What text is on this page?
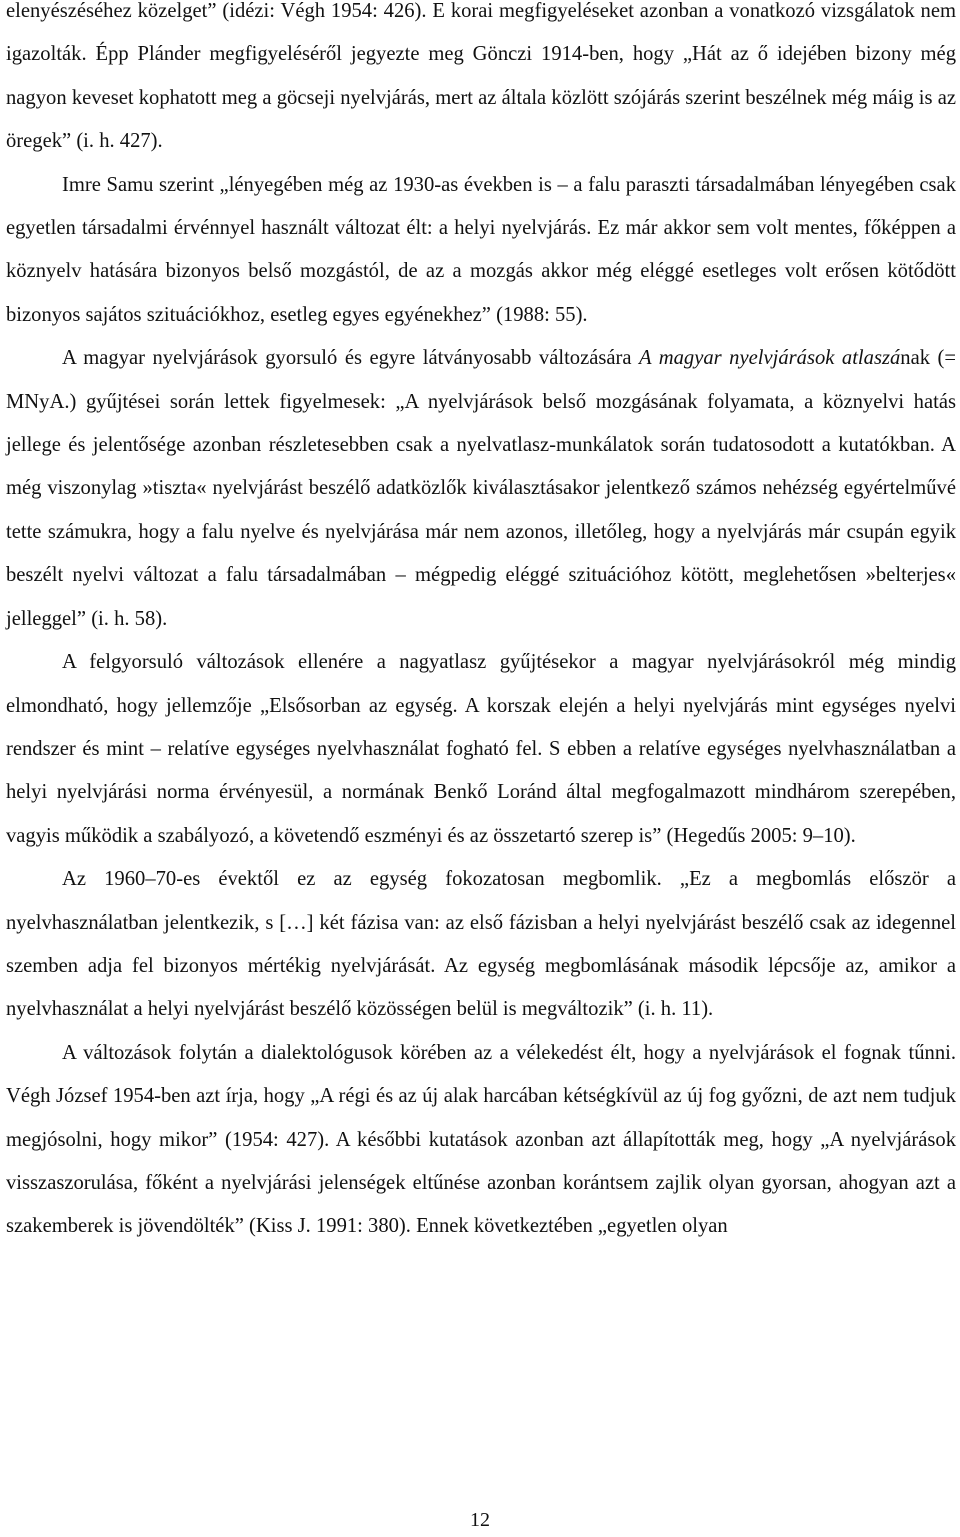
elenyészéséhez közelget” (idézi: Végh 1954: 426). E korai megfigyeléseket azonban a vonatkozó vizsgálatok nem igazolták. Épp Plánder megfigyeléséről jegyezte meg Gönczi 1914-ben, hogy „Hát az ő idejében bizony még nagyon keveset kophatott meg a göcseji nyelvjárás, mert az általa közlött szójárás szerint beszélnek még máig is az öregek” (i. h. 427).

Imre Samu szerint „lényegében még az 1930-as években is – a falu paraszti társadalmában lényegében csak egyetlen társadalmi érvénnyel használt változat élt: a helyi nyelvjárás. Ez már akkor sem volt mentes, főképpen a köznyelv hatására bizonyos belső mozgástól, de az a mozgás akkor még eléggé esetleges volt erősen kötődött bizonyos sajátos szituációkhoz, esetleg egyes egyénekhez” (1988: 55).

A magyar nyelvjárások gyorsuló és egyre látványosabb változására A magyar nyelvjárások atlaszának (= MNyA.) gyűjtései során lettek figyelmesek: „A nyelvjárások belső mozgásának folyamata, a köznyelvi hatás jellege és jelentősége azonban részletesebben csak a nyelvatlasz-munkálatok során tudatosodott a kutatókban. A még viszonylag »tiszta« nyelvjárást beszélő adatközlők kiválasztásakor jelentkező számos nehézség egyértelművé tette számukra, hogy a falu nyelve és nyelvjárása már nem azonos, illetőleg, hogy a nyelvjárás már csupán egyik beszélt nyelvi változat a falu társadalmában – mégpedig eléggé szituációhoz kötött, meglehetősen »belterjes« jelleggel” (i. h. 58).

A felgyorsuló változások ellenére a nagyatlasz gyűjtésekor a magyar nyelvjárásokról még mindig elmondható, hogy jellemzője „Elsősorban az egység. A korszak elején a helyi nyelvjárás mint egységes nyelvi rendszer és mint – relatíve egységes nyelvhasználat fogható fel. S ebben a relatíve egységes nyelvhasználatban a helyi nyelvjárási norma érvényesül, a normának Benkő Loránd által megfogalmazott mindhárom szerepében, vagyis működik a szabályozó, a követendő eszményi és az összetartó szerep is” (Hegedűs 2005: 9–10).

Az 1960–70-es évektől ez az egység fokozatosan megbomlik. „Ez a megbomlás először a nyelvhasználatban jelentkezik, s […] két fázisa van: az első fázisban a helyi nyelvjárást beszélő csak az idegennel szemben adja fel bizonyos mértékig nyelvjárását. Az egység megbomlásának második lépcsője az, amikor a nyelvhasználat a helyi nyelvjárást beszélő közösségen belül is megváltozik” (i. h. 11).

A változások folytán a dialektológusok körében az a vélekedést élt, hogy a nyelvjárások el fognak tűnni. Végh József 1954-ben azt írja, hogy „A régi és az új alak harcában kétségkívül az új fog győzni, de azt nem tudjuk megjósolni, hogy mikor” (1954: 427). A későbbi kutatások azonban azt állapították meg, hogy „A nyelvjárások visszaszorulása, főként a nyelvjárási jelenségek eltűnése azonban korántsem zajlik olyan gyorsan, ahogyan azt a szakemberek is jövendölték” (Kiss J. 1991: 380). Ennek következtében „egyetlen olyan

12
